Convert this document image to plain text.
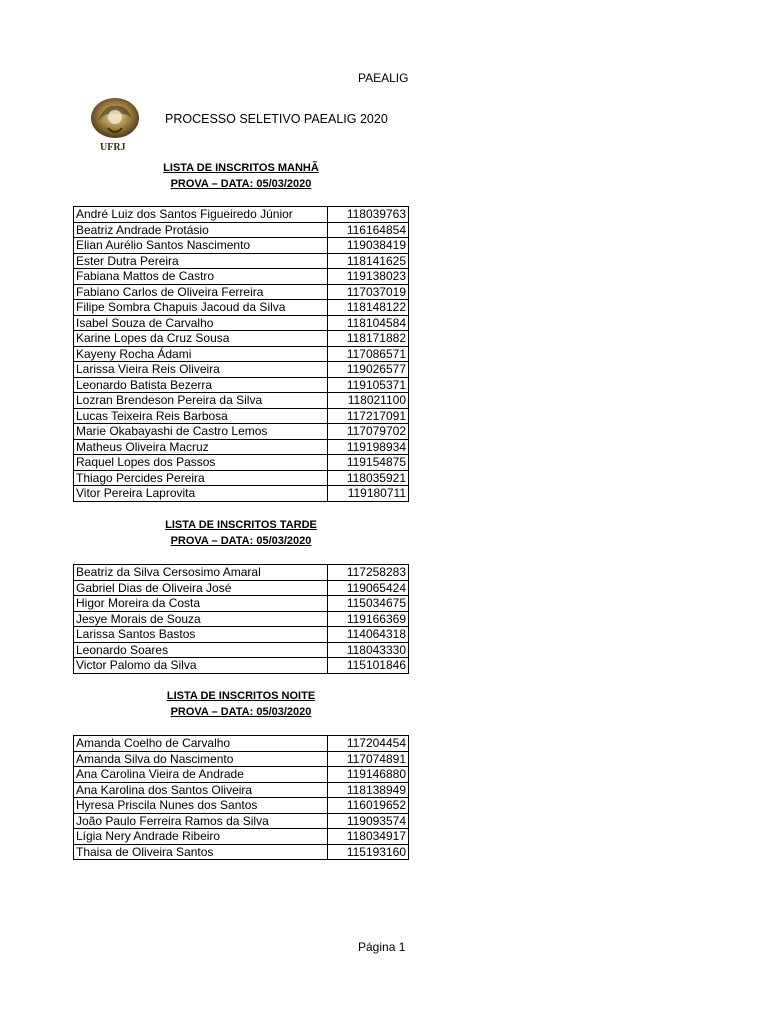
PAEALIG
UFRJ
PROCESSO SELETIVO PAEALIG 2020
LISTA DE INSCRITOS MANHÃ
PROVA – DATA: 05/03/2020
André Luiz dos Santos Figueiredo Júnior	118039763
Beatriz Andrade Protásio	116164854
Elian Aurélio Santos Nascimento	119038419
Ester Dutra Pereira	118141625
Fabiana Mattos de Castro	119138023
Fabiano Carlos de Oliveira Ferreira	117037019
Filipe Sombra Chapuis Jacoud da Silva	118148122
Isabel Souza de Carvalho	118104584
Karine Lopes da Cruz Sousa	118171882
Kayeny Rocha Ádami	117086571
Larissa Vieira Reis Oliveira	119026577
Leonardo Batista Bezerra	119105371
Lozran Brendeson Pereira da Silva	118021100
Lucas Teixeira Reis Barbosa	117217091
Marie Okabayashi de Castro Lemos	117079702
Matheus Oliveira Macruz	119198934
Raquel Lopes dos Passos	119154875
Thiago Percides Pereira	118035921
Vitor Pereira Laprovita	119180711
LISTA DE INSCRITOS TARDE
PROVA – DATA: 05/03/2020
Beatriz da Silva Cersosimo Amaral	117258283
Gabriel Dias de Oliveira José	119065424
Higor Moreira da Costa	115034675
Jesye Morais de Souza	119166369
Larissa Santos Bastos	114064318
Leonardo Soares	118043330
Victor Palomo da Silva	115101846
LISTA DE INSCRITOS NOITE
PROVA – DATA: 05/03/2020
Amanda Coelho de Carvalho	117204454
Amanda Silva do Nascimento	117074891
Ana Carolina Vieira de Andrade	119146880
Ana Karolina dos Santos Oliveira	118138949
Hyresa Priscila Nunes dos Santos	116019652
João Paulo Ferreira Ramos da Silva	119093574
Lígia Nery Andrade Ribeiro	118034917
Thaisa de Oliveira Santos	115193160
Página 1
